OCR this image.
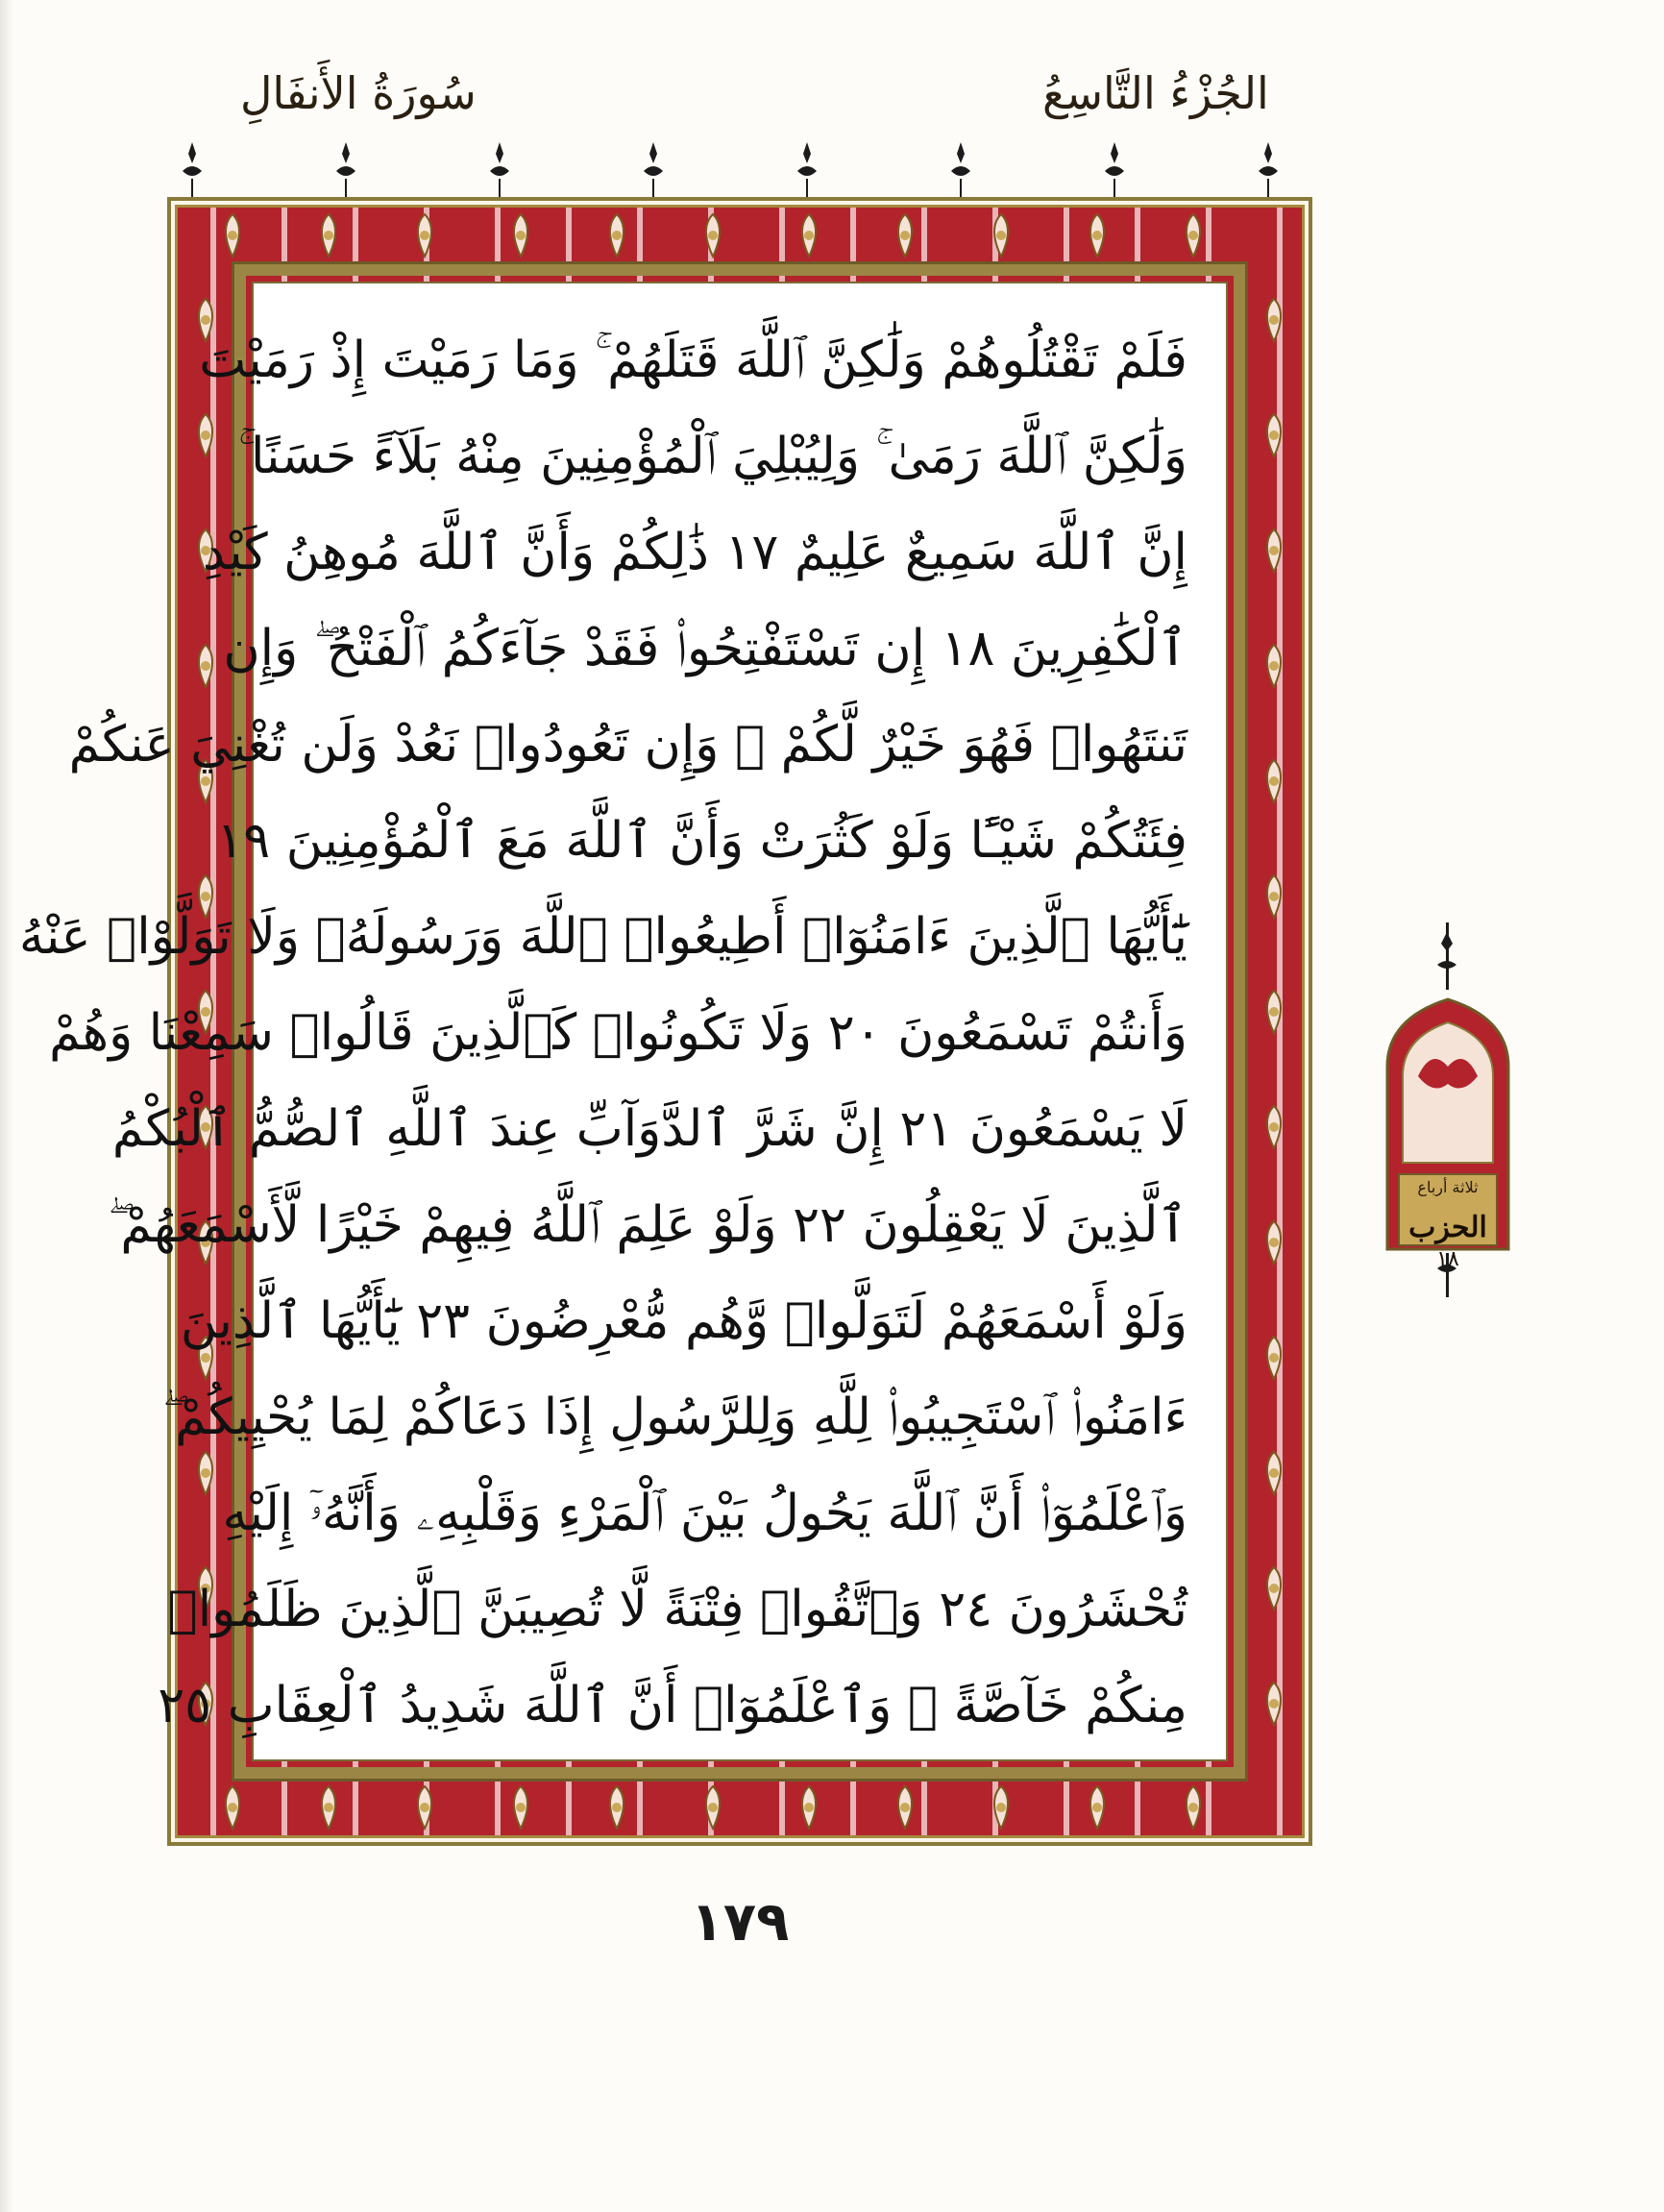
الجُزْءُ التَّاسِعُ
سُورَةُ الأَنفَالِ
فَلَمْ تَقْتُلُوهُمْ وَلَٰكِنَّ ٱللَّهَ قَتَلَهُمْ ۚ وَمَا رَمَيْتَ إِذْ رَمَيْتَ
وَلَٰكِنَّ ٱللَّهَ رَمَىٰ ۚ وَلِيُبْلِيَ ٱلْمُؤْمِنِينَ مِنْهُ بَلَآءً حَسَنًا ۚ
إِنَّ ٱللَّهَ سَمِيعٌ عَلِيمٌ ١٧ ذَٰلِكُمْ وَأَنَّ ٱللَّهَ مُوهِنُ كَيْدِ
ٱلْكَٰفِرِينَ ١٨ إِن تَسْتَفْتِحُوا۟ فَقَدْ جَآءَكُمُ ٱلْفَتْحُ ۖ وَإِن
تَنتَهُوا۟ فَهُوَ خَيْرٌ لَّكُمْ ۖ وَإِن تَعُودُوا۟ نَعُدْ وَلَن تُغْنِيَ عَنكُمْ
فِئَتُكُمْ شَيْـًٔا وَلَوْ كَثُرَتْ وَأَنَّ ٱللَّهَ مَعَ ٱلْمُؤْمِنِينَ ١٩
يَٰٓأَيُّهَا ٱلَّذِينَ ءَامَنُوٓا۟ أَطِيعُوا۟ ٱللَّهَ وَرَسُولَهُۥ وَلَا تَوَلَّوْا۟ عَنْهُ
وَأَنتُمْ تَسْمَعُونَ ٢٠ وَلَا تَكُونُوا۟ كَٱلَّذِينَ قَالُوا۟ سَمِعْنَا وَهُمْ
لَا يَسْمَعُونَ ٢١ إِنَّ شَرَّ ٱلدَّوَآبِّ عِندَ ٱللَّهِ ٱلصُّمُّ ٱلْبُكْمُ
ٱلَّذِينَ لَا يَعْقِلُونَ ٢٢ وَلَوْ عَلِمَ ٱللَّهُ فِيهِمْ خَيْرًا لَّأَسْمَعَهُمْ ۖ
وَلَوْ أَسْمَعَهُمْ لَتَوَلَّوا۟ وَّهُم مُّعْرِضُونَ ٢٣ يَٰٓأَيُّهَا ٱلَّذِينَ
ءَامَنُوا۟ ٱسْتَجِيبُوا۟ لِلَّهِ وَلِلرَّسُولِ إِذَا دَعَاكُمْ لِمَا يُحْيِيكُمْ ۖ
وَٱعْلَمُوٓا۟ أَنَّ ٱللَّهَ يَحُولُ بَيْنَ ٱلْمَرْءِ وَقَلْبِهِۦ وَأَنَّهُۥٓ إِلَيْهِ
تُحْشَرُونَ ٢٤ وَٱتَّقُوا۟ فِتْنَةً لَّا تُصِيبَنَّ ٱلَّذِينَ ظَلَمُوا۟
مِنكُمْ خَآصَّةً ۖ وَٱعْلَمُوٓا۟ أَنَّ ٱللَّهَ شَدِيدُ ٱلْعِقَابِ ٢٥
ثلاثة أرباع
الحزب
١٨
١٧٩
